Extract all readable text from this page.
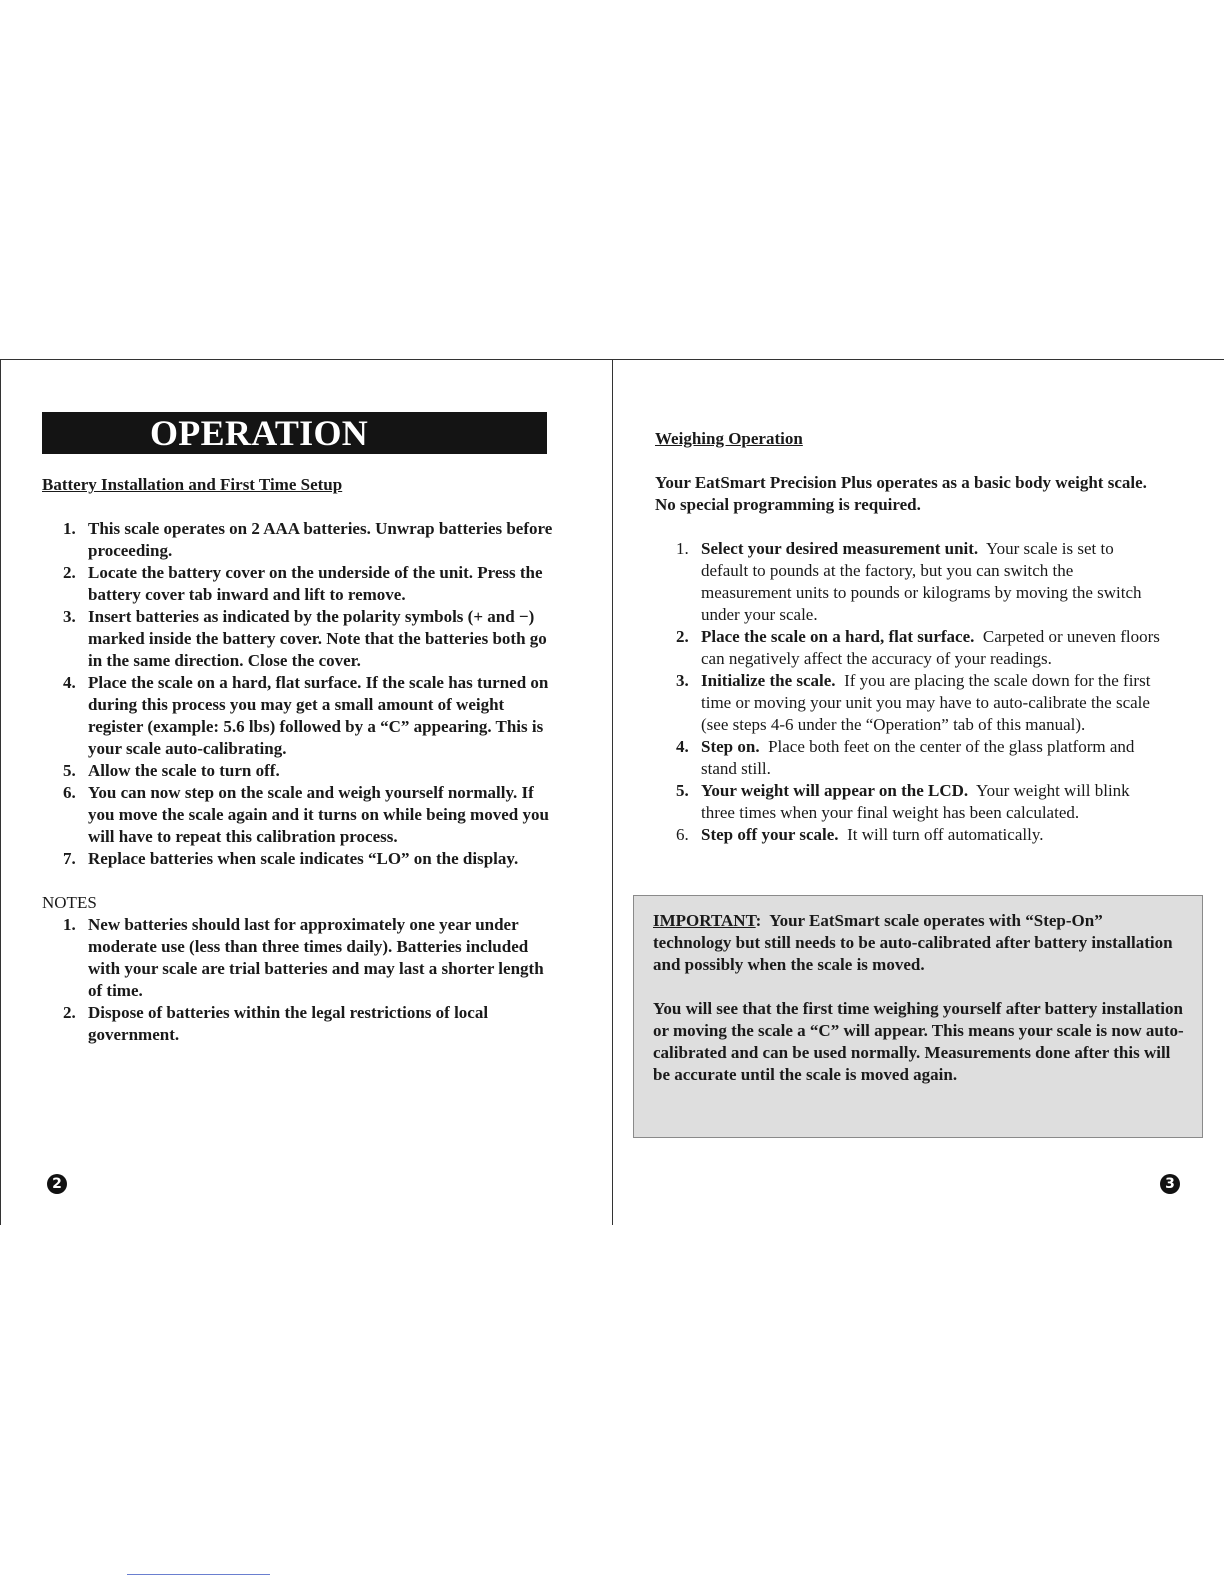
OPERATION
Battery Installation and First Time Setup
1. This scale operates on 2 AAA batteries. Unwrap batteries before proceeding.
2. Locate the battery cover on the underside of the unit. Press the battery cover tab inward and lift to remove.
3. Insert batteries as indicated by the polarity symbols (+ and −) marked inside the battery cover. Note that the batteries both go in the same direction. Close the cover.
4. Place the scale on a hard, flat surface. If the scale has turned on during this process you may get a small amount of weight register (example: 5.6 lbs) followed by a “C” appearing. This is your scale auto-calibrating.
5. Allow the scale to turn off.
6. You can now step on the scale and weigh yourself normally. If you move the scale again and it turns on while being moved you will have to repeat this calibration process.
7. Replace batteries when scale indicates “LO” on the display.
NOTES
1. New batteries should last for approximately one year under moderate use (less than three times daily). Batteries included with your scale are trial batteries and may last a shorter length of time.
2. Dispose of batteries within the legal restrictions of local government.
2
Weighing Operation
Your EatSmart Precision Plus operates as a basic body weight scale. No special programming is required.
1. Select your desired measurement unit. Your scale is set to default to pounds at the factory, but you can switch the measurement units to pounds or kilograms by moving the switch under your scale.
2. Place the scale on a hard, flat surface. Carpeted or uneven floors can negatively affect the accuracy of your readings.
3. Initialize the scale. If you are placing the scale down for the first time or moving your unit you may have to auto-calibrate the scale (see steps 4-6 under the “Operation” tab of this manual).
4. Step on. Place both feet on the center of the glass platform and stand still.
5. Your weight will appear on the LCD. Your weight will blink three times when your final weight has been calculated.
6. Step off your scale. It will turn off automatically.
IMPORTANT:  Your EatSmart scale operates with “Step-On” technology but still needs to be auto-calibrated after battery installation and possibly when the scale is moved.
You will see that the first time weighing yourself after battery installation or moving the scale a “C” will appear. This means your scale is now auto-calibrated and can be used normally. Measurements done after this will be accurate until the scale is moved again.
3
